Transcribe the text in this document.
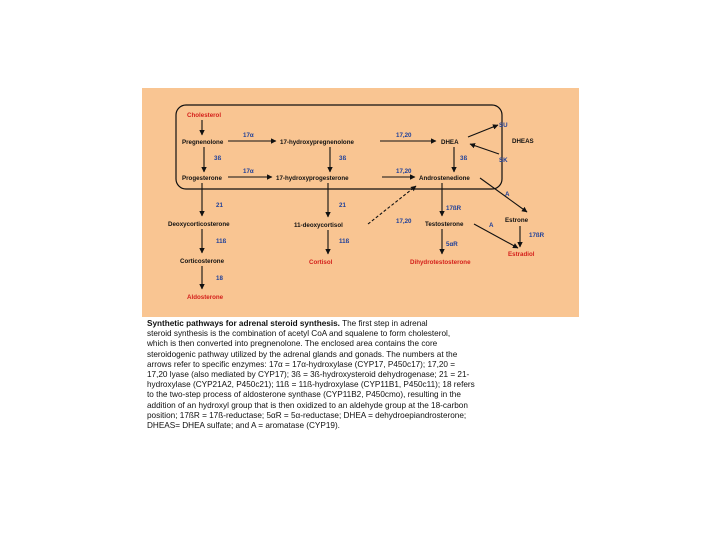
Cholesterol
Pregnenolone	17-hydroxypregnenolone	DHEA
Progesterone	17-hydroxyprogesterone	Androstenedione
Deoxycorticosterone	11-deoxycortisol	Testosterone
Estrone
Corticosterone	Cortisol	Dihydrotestosterone
Estradiol
Aldosterone
DHEAS
17α	17,20
3ß	3ß	3ß
17α	17,20
21	21
17,20
17ßR
11ß	11ß	5αR
18
A
A
17ßR
SU
SK
Synthetic pathways for adrenal steroid synthesis. The first step in adrenal
steroid synthesis is the combination of acetyl CoA and squalene to form cholesterol,
which is then converted into pregnenolone. The enclosed area contains the core
steroidogenic pathway utilized by the adrenal glands and gonads. The numbers at the
arrows refer to specific enzymes: 17α = 17α-hydroxylase (CYP17, P450c17); 17,20 =
17,20 lyase (also mediated by CYP17); 3ß = 3ß-hydroxysteroid dehydrogenase; 21 = 21-
hydroxylase (CYP21A2, P450c21); 11ß = 11ß-hydroxylase (CYP11B1, P450c11); 18 refers
to the two-step process of aldosterone synthase (CYP11B2, P450cmo), resulting in the
addition of an hydroxyl group that is then oxidized to an aldehyde group at the 18-carbon
position; 17ßR = 17ß-reductase; 5αR = 5α-reductase; DHEA = dehydroepiandrosterone;
DHEAS= DHEA sulfate; and A = aromatase (CYP19).
